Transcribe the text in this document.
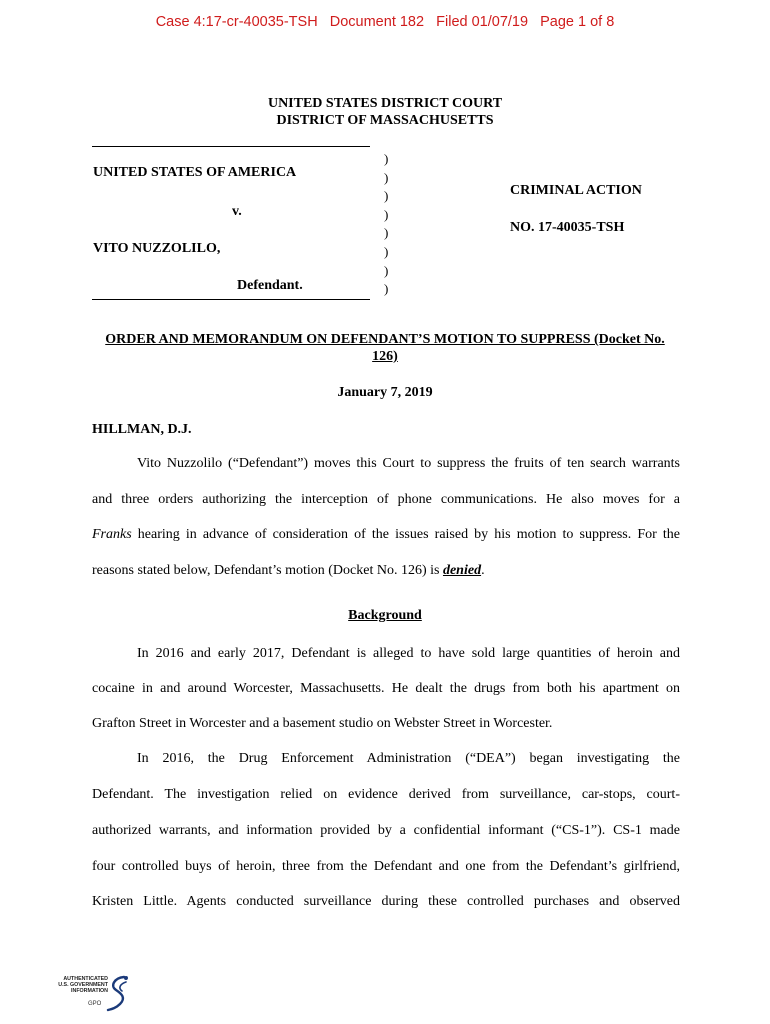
Case 4:17-cr-40035-TSH   Document 182   Filed 01/07/19   Page 1 of 8
UNITED STATES DISTRICT COURT
DISTRICT OF MASSACHUSETTS
UNITED STATES OF AMERICA
v.
VITO NUZZOLILO,
Defendant.
)
)
)
)
)
)
)
)
CRIMINAL ACTION
NO. 17-40035-TSH
ORDER AND MEMORANDUM ON DEFENDANT’S MOTION TO SUPPRESS (Docket No. 126)
January 7, 2019
HILLMAN, D.J.
Vito Nuzzolilo (“Defendant”) moves this Court to suppress the fruits of ten search warrants
and three orders authorizing the interception of phone communications. He also moves for a
Franks hearing in advance of consideration of the issues raised by his motion to suppress. For the
reasons stated below, Defendant’s motion (Docket No. 126) is denied.
Background
In 2016 and early 2017, Defendant is alleged to have sold large quantities of heroin and
cocaine in and around Worcester, Massachusetts. He dealt the drugs from both his apartment on
Grafton Street in Worcester and a basement studio on Webster Street in Worcester.
In 2016, the Drug Enforcement Administration (“DEA”) began investigating the
Defendant. The investigation relied on evidence derived from surveillance, car-stops, court-
authorized warrants, and information provided by a confidential informant (“CS-1”). CS-1 made
four controlled buys of heroin, three from the Defendant and one from the Defendant’s girlfriend,
Kristen Little. Agents conducted surveillance during these controlled purchases and observed
AUTHENTICATED
U.S. GOVERNMENT
INFORMATION
GPO
